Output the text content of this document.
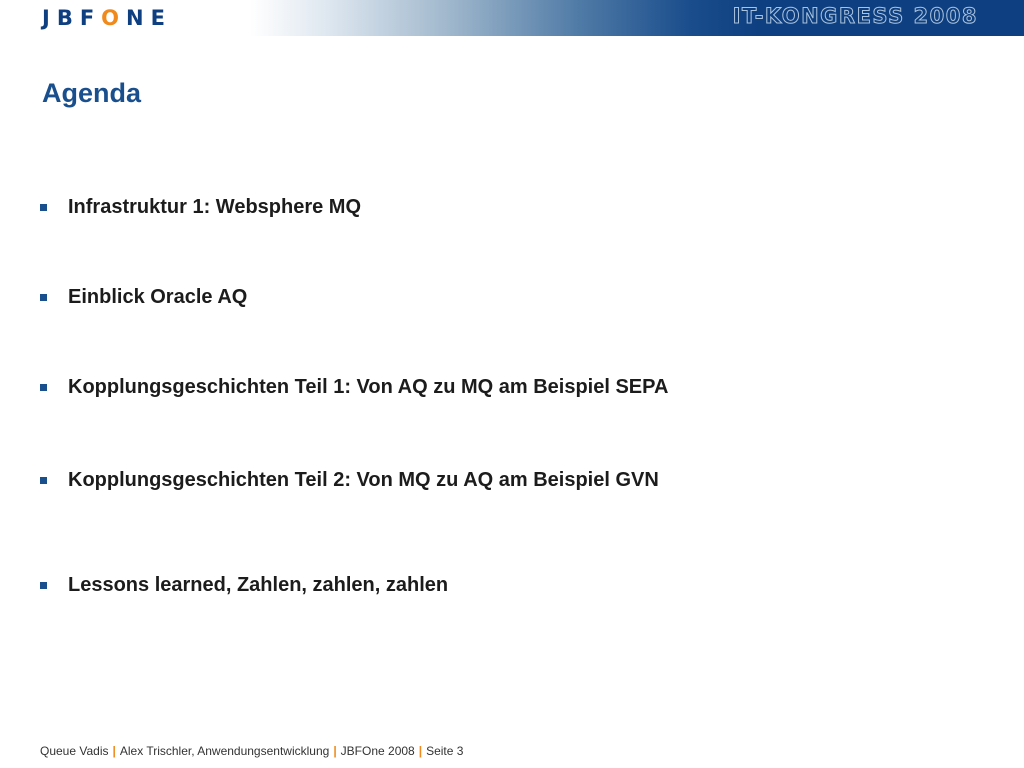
JBF O NE	IT-KONGRESS 2008
Agenda
Infrastruktur 1: Websphere MQ
Einblick Oracle AQ
Kopplungsgeschichten Teil 1: Von AQ zu MQ am Beispiel SEPA
Kopplungsgeschichten Teil 2: Von MQ zu AQ am Beispiel GVN
Lessons learned, Zahlen, zahlen, zahlen
Queue Vadis | Alex Trischler, Anwendungsentwicklung | JBFOne 2008 | Seite 3
